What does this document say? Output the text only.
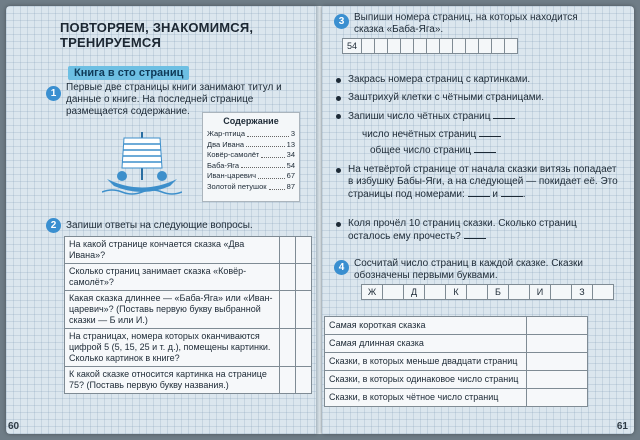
ПОВТОРЯЕМ, ЗНАКОМИМСЯ,
ТРЕНИРУЕМСЯ
Книга в сто страниц
1
Первые две страницы книги занимают титул и данные о книге. На последней странице размещается содержание.
Содержание
Жар-птица	3
Два Ивана	13
Ковёр-самолёт	34
Баба-Яга	54
Иван-царевич	67
Золотой петушок	87
2 Запиши ответы на следующие вопросы.
На какой странице кончается сказка «Два Ивана»?		
Сколько страниц занимает сказка «Ковёр-самолёт»?		
Какая сказка длиннее — «Баба-Яга» или «Иван-царевич»? (Поставь первую букву выбранной сказки — Б или И.)		
На страницах, номера которых оканчиваются цифрой 5 (5, 15, 25 и т. д.), помещены картинки. Сколько картинок в книге?		
К какой сказке относится картинка на странице 75? (Поставь первую букву названия.)		
60
3 Выпиши номера страниц, на которых находится сказка «Баба-Яга».
Закрась номера страниц с картинками.
Заштрихуй клетки с чётными страницами.
Запиши число чётных страниц
число нечётных страниц
общее число страниц
На четвёртой странице от начала сказки витязь попадает в избушку Бабы-Яги, а на следующей — покидает её. Это страницы под номерами:	и .
Коля прочёл 10 страниц сказки. Сколько страниц осталось ему прочесть?
4 Сосчитай число страниц в каждой сказке. Сказки обозначены первыми буквами.
Самая короткая сказка	
Самая длинная сказка	
Сказки, в которых меньше двадцати страниц	
Сказки, в которых одинаковое число страниц	
Сказки, в которых чётное число страниц	
61
54
Ж	Д	К	Б	И	З
